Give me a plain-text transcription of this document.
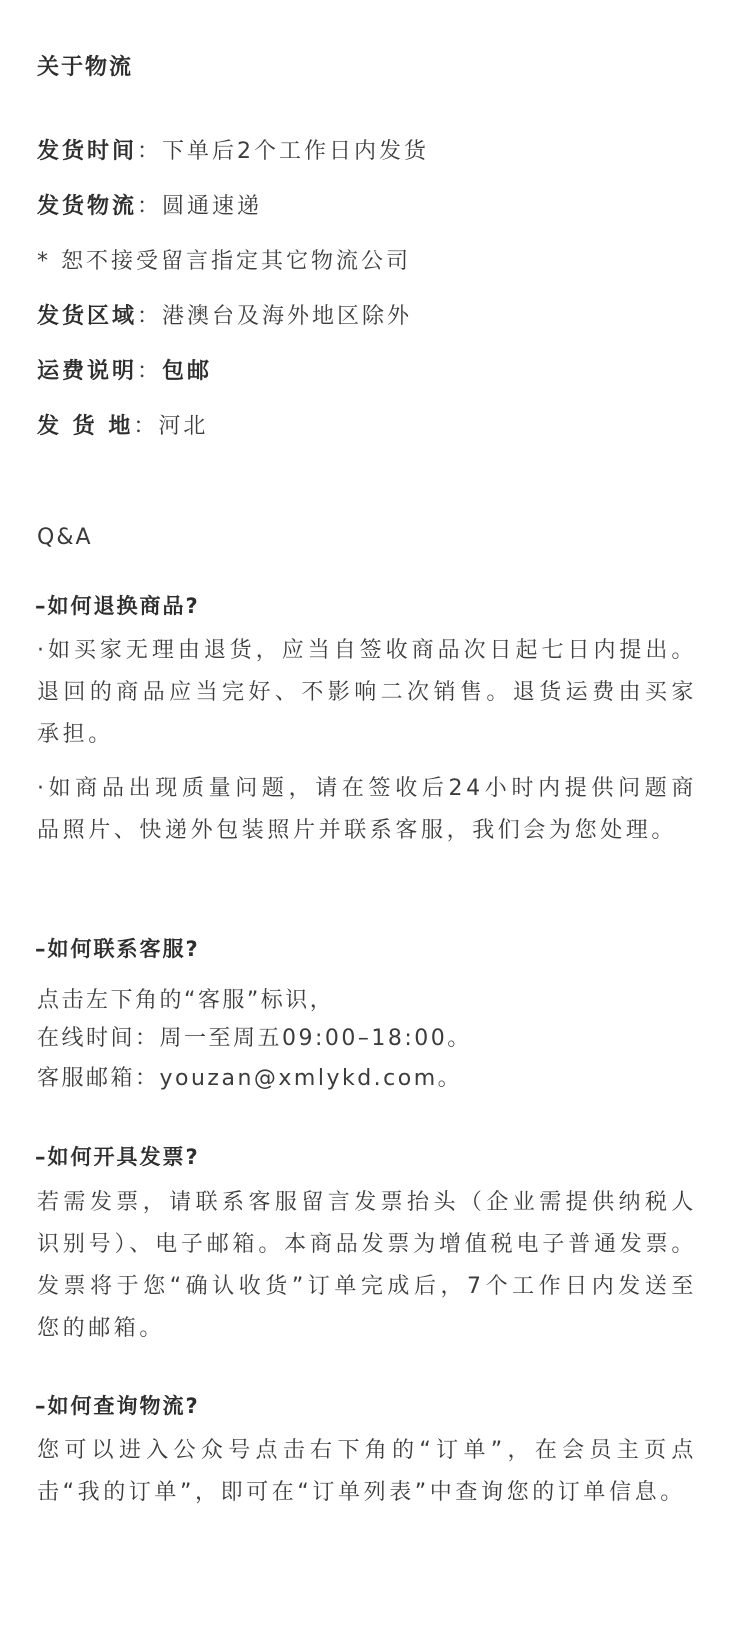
关于物流
发货时间：下单后2个工作日内发货
发货物流：圆通速递
* 恕不接受留言指定其它物流公司
发货区域：港澳台及海外地区除外
运费说明：包邮
发 货 地：河北
Q&A
–如何退换商品?
·如买家无理由退货，应当自签收商品次日起七日内提出。退回的商品应当完好、不影响二次销售。退货运费由买家承担。
·如商品出现质量问题，请在签收后24小时内提供问题商品照片、快递外包装照片并联系客服，我们会为您处理。
–如何联系客服?
点击左下角的“客服”标识，
在线时间：周一至周五09:00–18:00。
客服邮箱：youzan@xmlykd.com。
–如何开具发票?
若需发票，请联系客服留言发票抬头（企业需提供纳税人识别号）、电子邮箱。本商品发票为增值税电子普通发票。发票将于您“确认收货”订单完成后，7个工作日内发送至您的邮箱。
–如何查询物流?
您可以进入公众号点击右下角的“订单”，在会员主页点击“我的订单”，即可在“订单列表”中查询您的订单信息。
